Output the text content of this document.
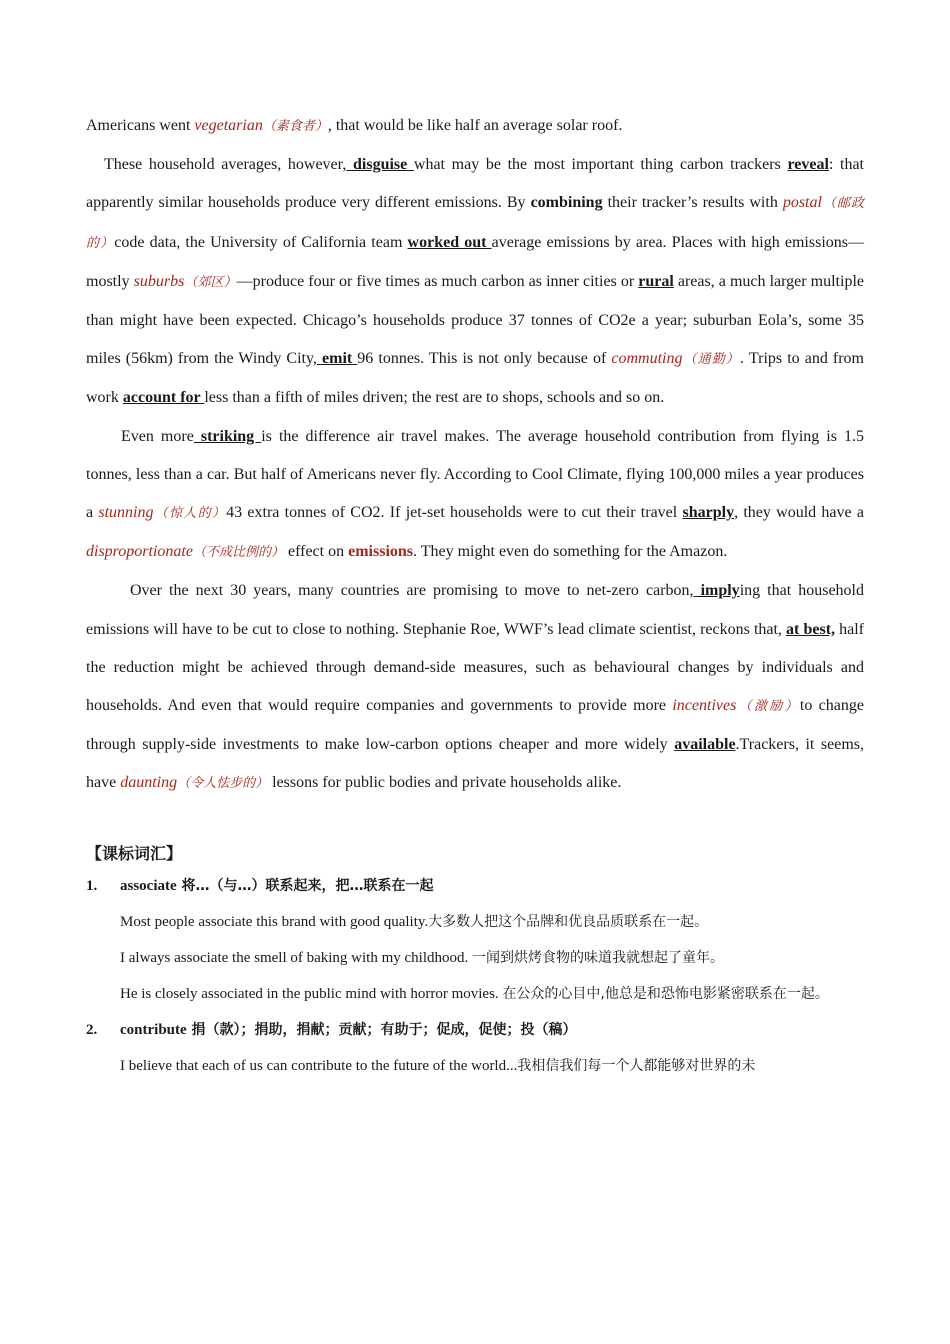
Americans went vegetarian（素食者）, that would be like half an average solar roof.

These household averages, however, disguise what may be the most important thing carbon trackers reveal: that apparently similar households produce very different emissions. By combining their tracker’s results with postal（邮政的）code data, the University of California team worked out average emissions by area. Places with high emissions—mostly suburbs（郊区）—produce four or five times as much carbon as inner cities or rural areas, a much larger multiple than might have been expected. Chicago’s households produce 37 tonnes of CO2e a year; suburban Eola’s, some 35 miles (56km) from the Windy City, emit 96 tonnes. This is not only because of commuting（通勤）. Trips to and from work account for less than a fifth of miles driven; the rest are to shops, schools and so on.

Even more striking is the difference air travel makes. The average household contribution from flying is 1.5 tonnes, less than a car. But half of Americans never fly. According to Cool Climate, flying 100,000 miles a year produces a stunning（惊人的）43 extra tonnes of CO2. If jet-set households were to cut their travel sharply, they would have a disproportionate（不成比例的） effect on emissions. They might even do something for the Amazon.

Over the next 30 years, many countries are promising to move to net-zero carbon, implying that household emissions will have to be cut to close to nothing. Stephanie Roe, WWF’s lead climate scientist, reckons that, at best, half the reduction might be achieved through demand-side measures, such as behavioural changes by individuals and households. And even that would require companies and governments to provide more incentives（激励）to change through supply-side investments to make low-carbon options cheaper and more widely available.Trackers, it seems, have daunting（令人怯步的） lessons for public bodies and private households alike.

【课标词汇】

1. associate 将…（与…）联系起来，把…联系在一起

Most people associate this brand with good quality.大多数人把这个品牌和优良品质联系在一起。

I always associate the smell of baking with my childhood. 一闻到烘烤食物的味道我就想起了童年。

He is closely associated in the public mind with horror movies. 在公众的心目中,他总是和恐怖电影紧密联系在一起。

2. contribute 捐（款）；捐助，捐献；贡献；有助于；促成，促使；投（稿）

I believe that each of us can contribute to the future of the world...我相信我们每一个人都能够对世界的未
